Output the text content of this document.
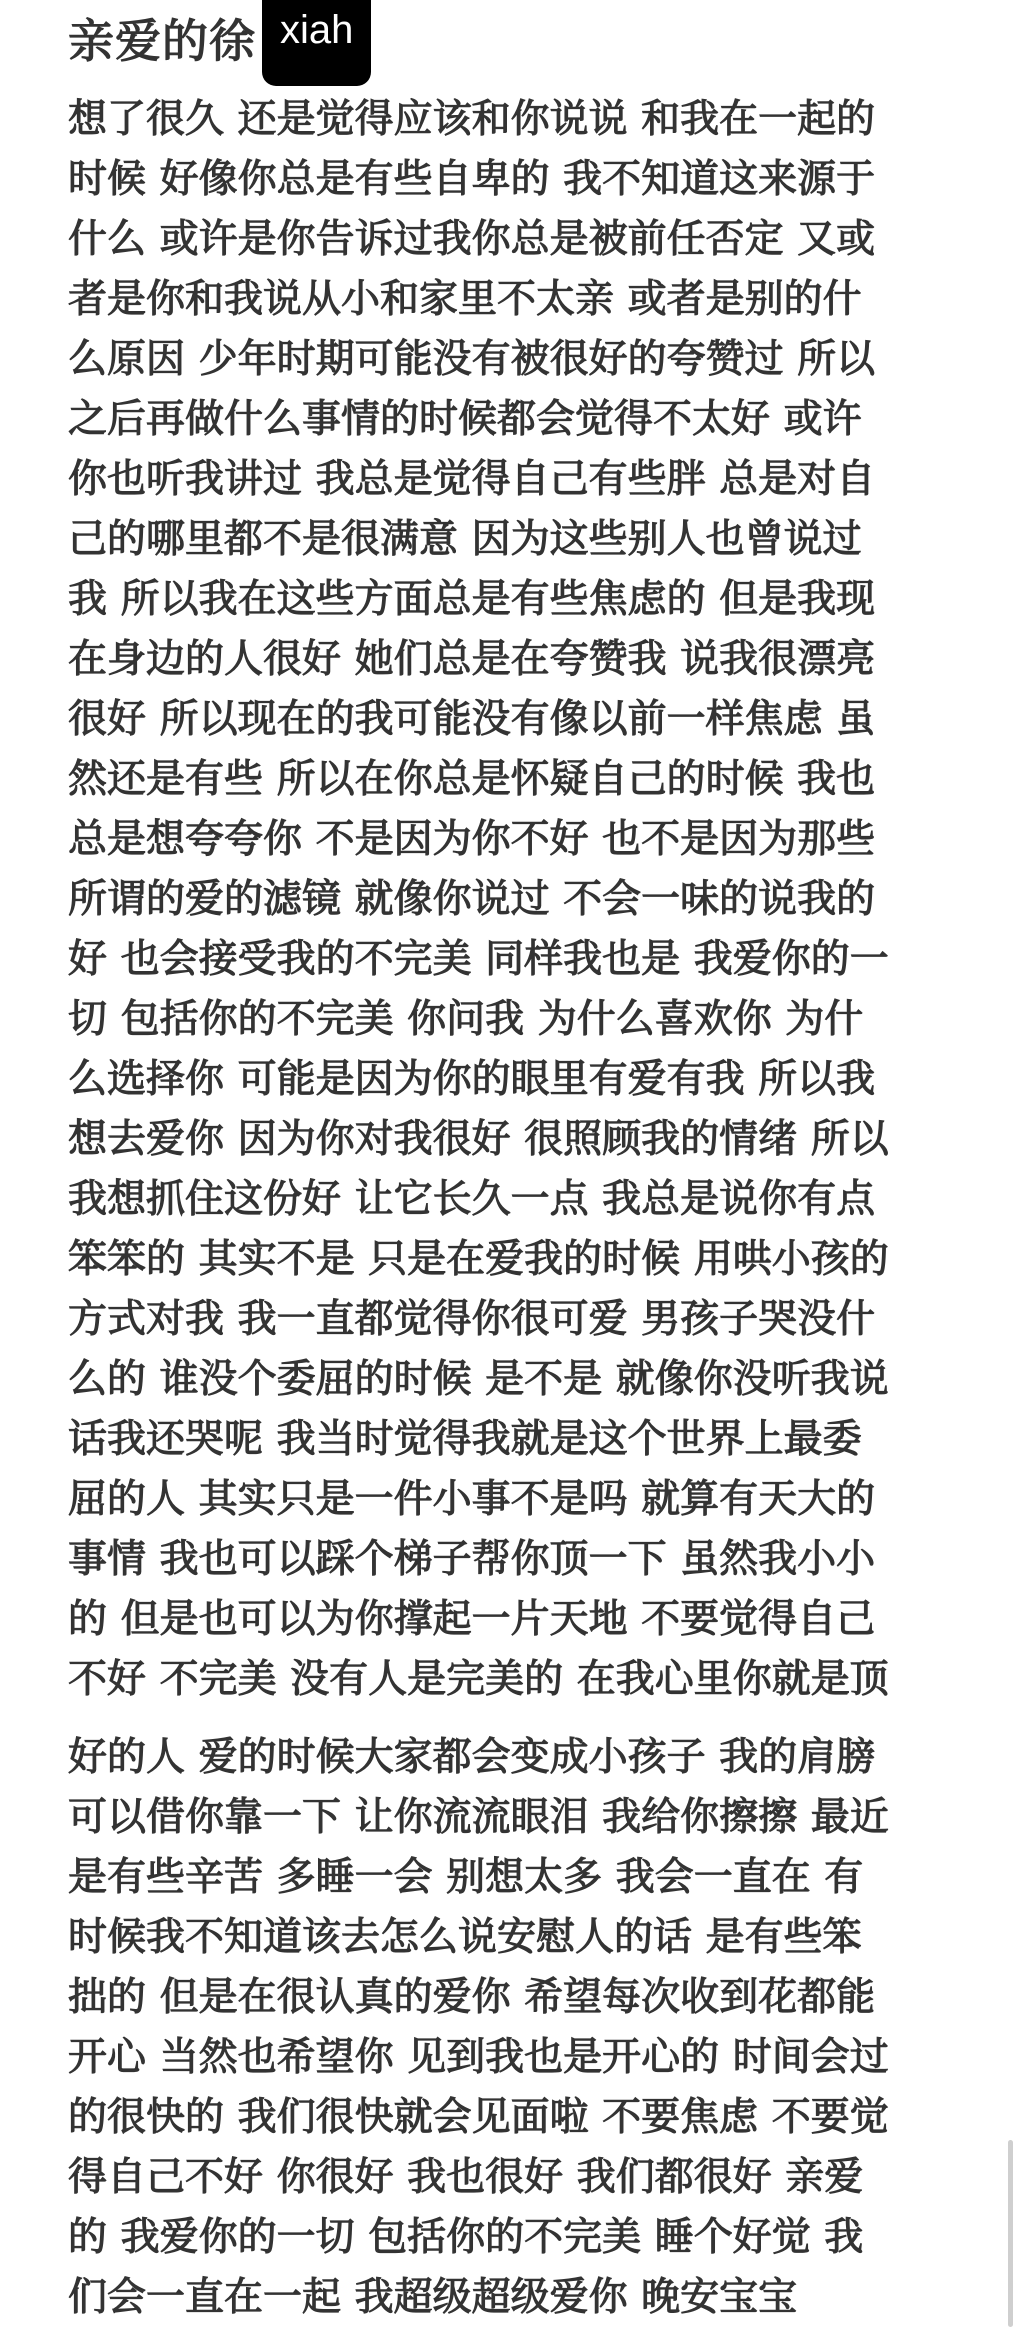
亲爱的徐 xiah
想了很久 还是觉得应该和你说说 和我在一起的
时候 好像你总是有些自卑的 我不知道这来源于
什么 或许是你告诉过我你总是被前任否定 又或
者是你和我说从小和家里不太亲 或者是别的什
么原因 少年时期可能没有被很好的夸赞过 所以
之后再做什么事情的时候都会觉得不太好 或许
你也听我讲过 我总是觉得自己有些胖 总是对自
己的哪里都不是很满意 因为这些别人也曾说过
我 所以我在这些方面总是有些焦虑的 但是我现
在身边的人很好 她们总是在夸赞我 说我很漂亮
很好 所以现在的我可能没有像以前一样焦虑 虽
然还是有些 所以在你总是怀疑自己的时候 我也
总是想夸夸你 不是因为你不好 也不是因为那些
所谓的爱的滤镜 就像你说过 不会一味的说我的
好 也会接受我的不完美 同样我也是 我爱你的一
切 包括你的不完美 你问我 为什么喜欢你 为什
么选择你 可能是因为你的眼里有爱有我 所以我
想去爱你 因为你对我很好 很照顾我的情绪 所以
我想抓住这份好 让它长久一点 我总是说你有点
笨笨的 其实不是 只是在爱我的时候 用哄小孩的
方式对我 我一直都觉得你很可爱 男孩子哭没什
么的 谁没个委屈的时候 是不是 就像你没听我说
话我还哭呢 我当时觉得我就是这个世界上最委
屈的人 其实只是一件小事不是吗 就算有天大的
事情 我也可以踩个梯子帮你顶一下 虽然我小小
的 但是也可以为你撑起一片天地 不要觉得自己
不好 不完美 没有人是完美的 在我心里你就是顶
好的人 爱的时候大家都会变成小孩子 我的肩膀
可以借你靠一下 让你流流眼泪 我给你擦擦 最近
是有些辛苦 多睡一会 别想太多 我会一直在 有
时候我不知道该去怎么说安慰人的话 是有些笨
拙的 但是在很认真的爱你 希望每次收到花都能
开心 当然也希望你 见到我也是开心的 时间会过
的很快的 我们很快就会见面啦 不要焦虑 不要觉
得自己不好 你很好 我也很好 我们都很好 亲爱
的 我爱你的一切 包括你的不完美 睡个好觉 我
们会一直在一起 我超级超级爱你 晚安宝宝
